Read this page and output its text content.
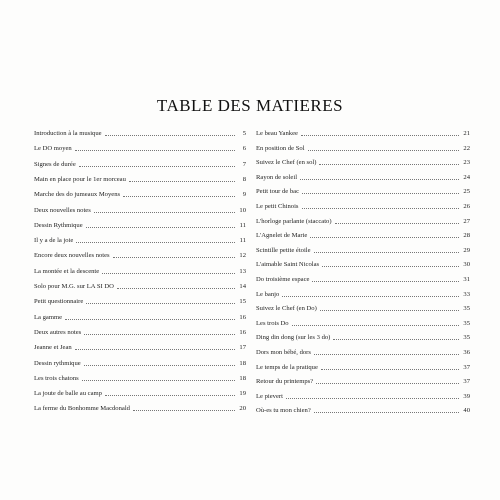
TABLE DES MATIERES
Introduction à la musique	5
Le DO moyen	6
Signes de durée	7
Main en place pour le 1er morceau	8
Marche des do jumeaux Moyens	9
Deux nouvelles notes	10
Dessin Rythmique	11
Il y a de la joie	11
Encore deux nouvelles notes	12
La montée et la descente	13
Solo pour M.G. sur LA SI DO	14
Petit questionnaire	15
La gamme	16
Deux autres notes	16
Jeanne et Jean	17
Dessin rythmique	18
Les trois chatons	18
La joute de balle au camp	19
La ferme du Bonhomme Macdonald	20
Le beau Yankee	21
En position de Sol	22
Suivez le Chef (en sol)	23
Rayon de soleil	24
Petit tour de bac	25
Le petit Chinois	26
L'horloge parlante (staccato)	27
L'Agnelet de Marie	28
Scintille petite étoile	29
L'aimable Saint Nicolas	30
Do troisième espace	31
Le banjo	33
Suivez le Chef (en Do)	35
Les trois Do	35
Ding din dong (sur les 3 do)	35
Dors mon bébé, dors	36
Le temps de la pratique	37
Retour du printemps?	37
Le pievert	39
Où-es tu mon chien?	40
